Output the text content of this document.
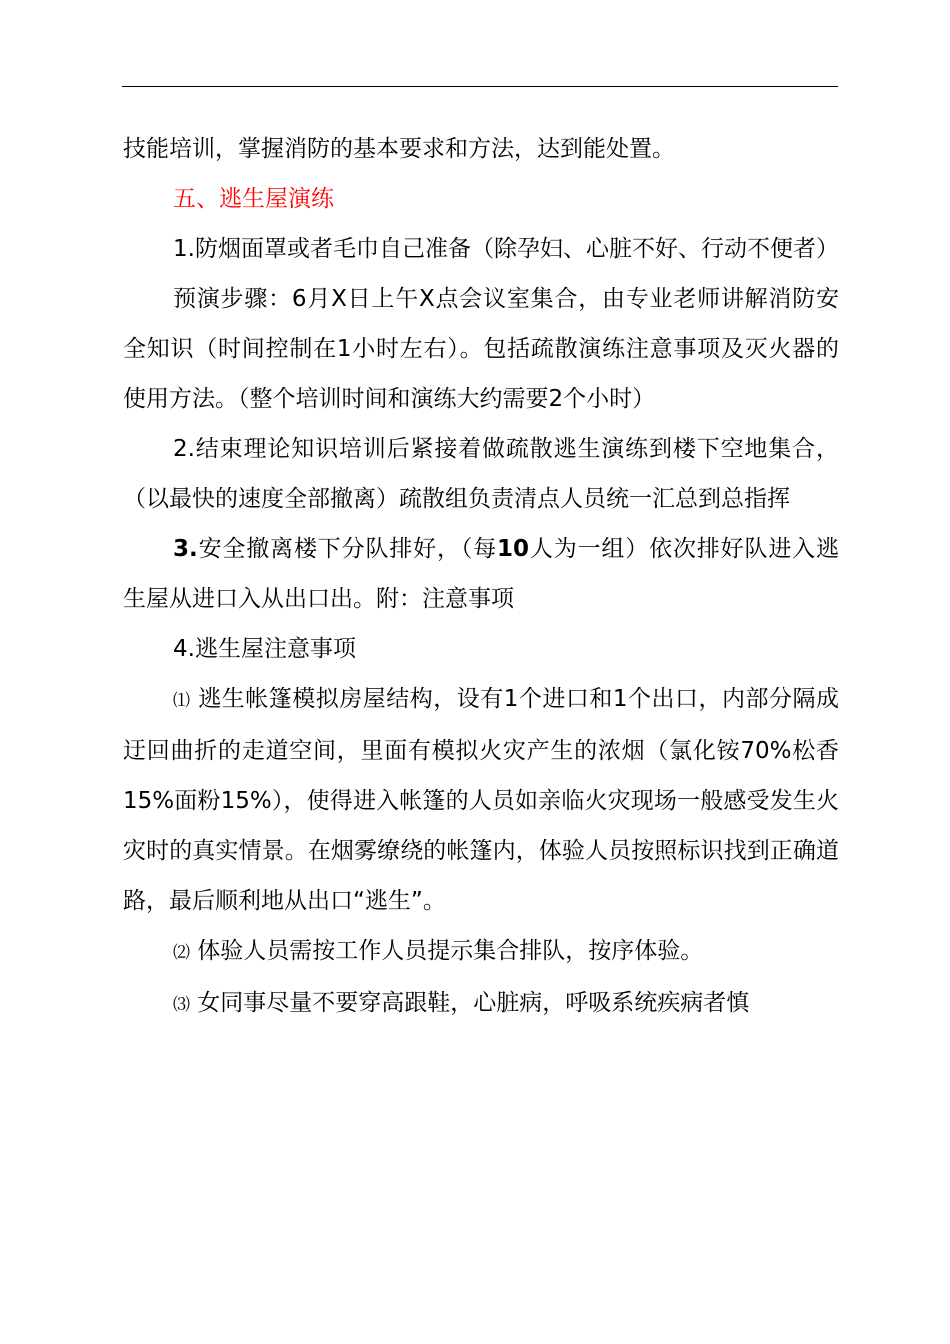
技能培训，掌握消防的基本要求和方法，达到能处置。

五、逃生屋演练

1.防烟面罩或者毛巾自己准备（除孕妇、心脏不好、行动不便者）

预演步骤：6月X日上午X点会议室集合，由专业老师讲解消防安全知识（时间控制在1小时左右）。包括疏散演练注意事项及灭火器的使用方法。（整个培训时间和演练大约需要2个小时）

2.结束理论知识培训后紧接着做疏散逃生演练到楼下空地集合，（以最快的速度全部撤离）疏散组负责清点人员统一汇总到总指挥

3.安全撤离楼下分队排好，（每10人为一组）依次排好队进入逃生屋从进口入从出口出。附：注意事项

4.逃生屋注意事项

⑴ 逃生帐篷模拟房屋结构，设有1个进口和1个出口，内部分隔成迂回曲折的走道空间，里面有模拟火灾产生的浓烟（氯化铵70%松香15%面粉15%），使得进入帐篷的人员如亲临火灾现场一般感受发生火灾时的真实情景。在烟雾缭绕的帐篷内，体验人员按照标识找到正确道路，最后顺利地从出口“逃生”。

⑵ 体验人员需按工作人员提示集合排队，按序体验。

⑶ 女同事尽量不要穿高跟鞋，心脏病，呼吸系统疾病者慎
